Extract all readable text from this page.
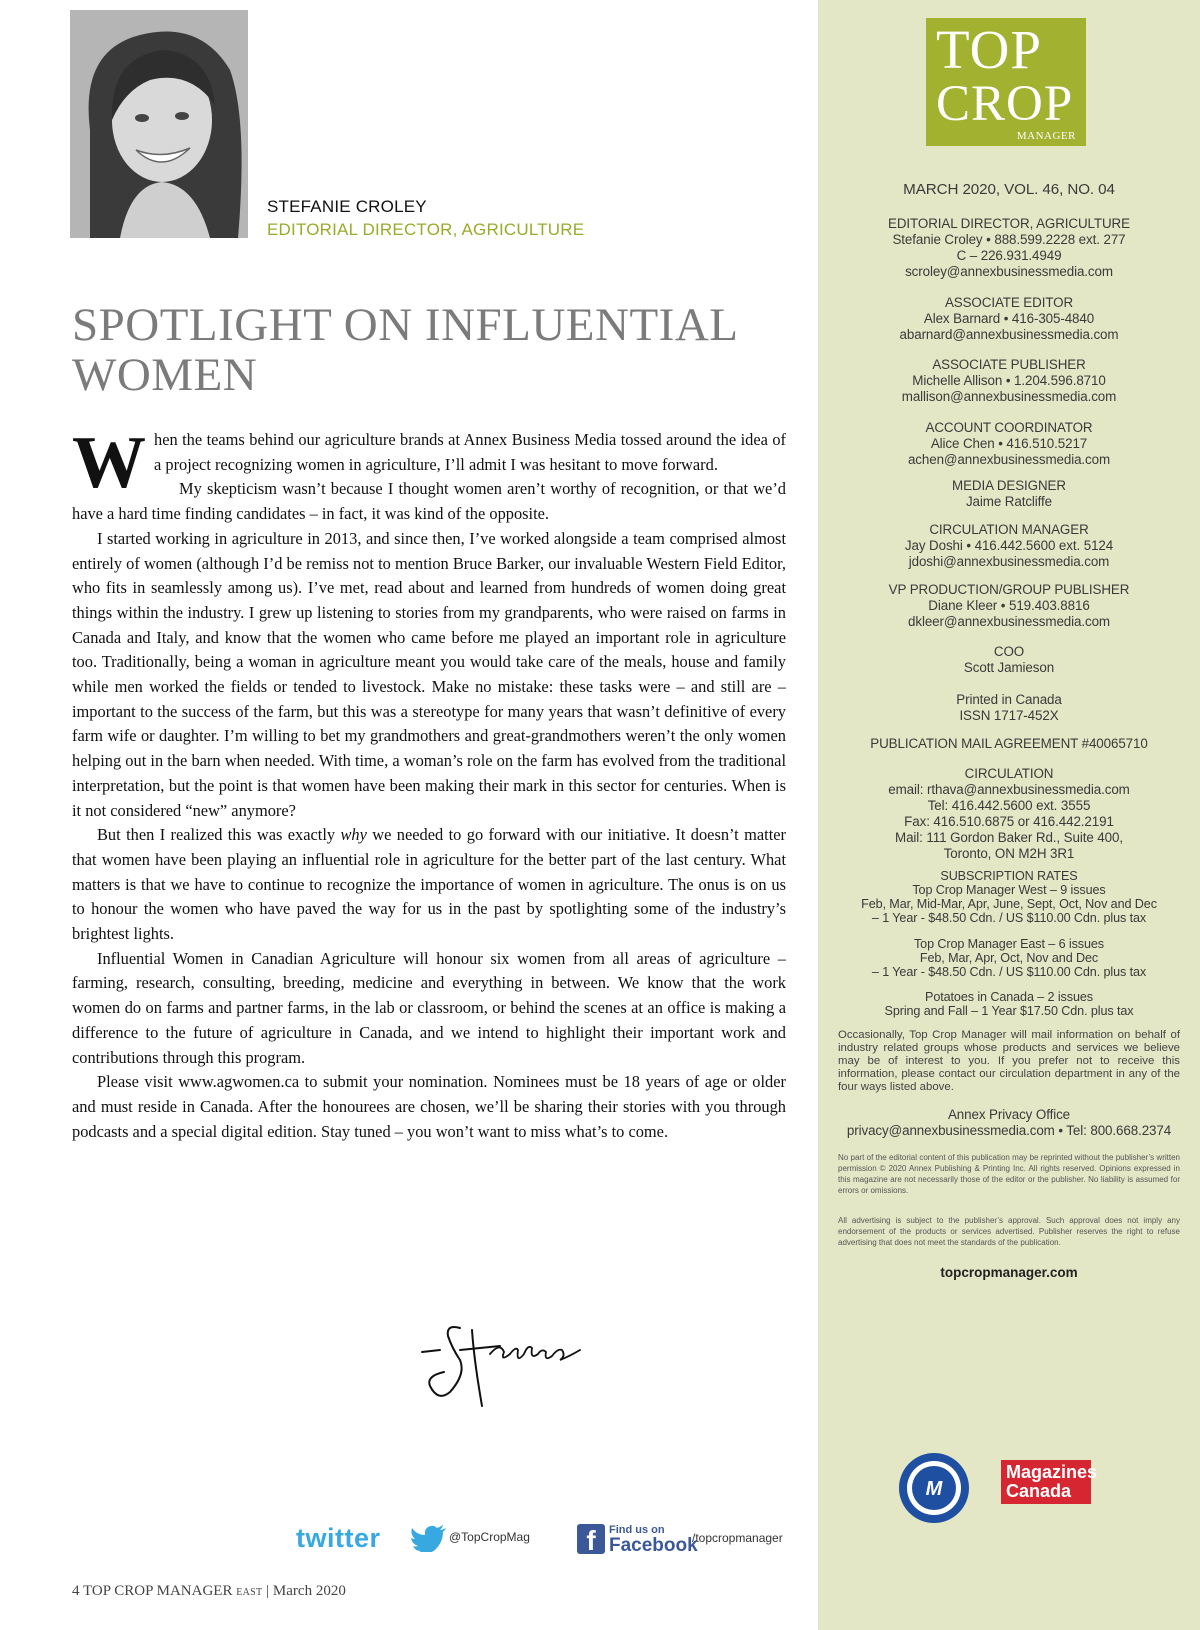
STEFANIE CROLEY
EDITORIAL DIRECTOR, AGRICULTURE
SPOTLIGHT ON INFLUENTIAL WOMEN

When the teams behind our agriculture brands at Annex Business Media tossed around the idea of a project recognizing women in agriculture, I’ll admit I was hesitant to move forward.

My skepticism wasn’t because I thought women aren’t worthy of recognition, or that we’d have a hard time finding candidates – in fact, it was kind of the opposite.

I started working in agriculture in 2013, and since then, I’ve worked alongside a team comprised almost entirely of women (although I’d be remiss not to mention Bruce Barker, our invaluable Western Field Editor, who fits in seamlessly among us). I’ve met, read about and learned from hundreds of women doing great things within the industry. I grew up listening to stories from my grandparents, who were raised on farms in Canada and Italy, and know that the women who came before me played an important role in agriculture too. Traditionally, being a woman in agriculture meant you would take care of the meals, house and family while men worked the fields or tended to livestock. Make no mistake: these tasks were – and still are – important to the success of the farm, but this was a stereotype for many years that wasn’t definitive of every farm wife or daughter. I’m willing to bet my grandmothers and great-grandmothers weren’t the only women helping out in the barn when needed. With time, a woman’s role on the farm has evolved from the traditional interpretation, but the point is that women have been making their mark in this sector for centuries. When is it not considered “new” anymore?

But then I realized this was exactly why we needed to go forward with our initiative. It doesn’t matter that women have been playing an influential role in agriculture for the better part of the last century. What matters is that we have to continue to recognize the importance of women in agriculture. The onus is on us to honour the women who have paved the way for us in the past by spotlighting some of the industry’s brightest lights.

Influential Women in Canadian Agriculture will honour six women from all areas of agriculture – farming, research, consulting, breeding, medicine and everything in between. We know that the work women do on farms and partner farms, in the lab or classroom, or behind the scenes at an office is making a difference to the future of agriculture in Canada, and we intend to highlight their important work and contributions through this program.

Please visit www.agwomen.ca to submit your nomination. Nominees must be 18 years of age or older and must reside in Canada. After the honourees are chosen, we’ll be sharing their stories with you through podcasts and a special digital edition. Stay tuned – you won’t want to miss what’s to come.

twitter	@TopCropMag	f	Find us on
Facebook
/topcropmanager
4 TOP CROP MANAGER EAST | March 2020
TOP
CROP
MANAGER
MARCH 2020, VOL. 46, NO. 04
EDITORIAL DIRECTOR, AGRICULTURE
Stefanie Croley • 888.599.2228 ext. 277
C – 226.931.4949
scroley@annexbusinessmedia.com
ASSOCIATE EDITOR
Alex Barnard • 416-305-4840
abarnard@annexbusinessmedia.com
ASSOCIATE PUBLISHER
Michelle Allison • 1.204.596.8710
mallison@annexbusinessmedia.com
ACCOUNT COORDINATOR
Alice Chen • 416.510.5217
achen@annexbusinessmedia.com
MEDIA DESIGNER
Jaime Ratcliffe
CIRCULATION MANAGER
Jay Doshi • 416.442.5600 ext. 5124
jdoshi@annexbusinessmedia.com
VP PRODUCTION/GROUP PUBLISHER
Diane Kleer • 519.403.8816
dkleer@annexbusinessmedia.com
COO
Scott Jamieson
Printed in Canada
ISSN 1717-452X
PUBLICATION MAIL AGREEMENT #40065710
CIRCULATION
email: rthava@annexbusinessmedia.com
Tel: 416.442.5600 ext. 3555
Fax: 416.510.6875 or 416.442.2191
Mail: 111 Gordon Baker Rd., Suite 400,
Toronto, ON M2H 3R1
SUBSCRIPTION RATES
Top Crop Manager West – 9 issues
Feb, Mar, Mid-Mar, Apr, June, Sept, Oct, Nov and Dec
– 1 Year - $48.50 Cdn. / US $110.00 Cdn. plus tax
Top Crop Manager East – 6 issues
Feb, Mar, Apr, Oct, Nov and Dec
– 1 Year - $48.50 Cdn. / US $110.00 Cdn. plus tax
Potatoes in Canada – 2 issues
Spring and Fall – 1 Year $17.50 Cdn. plus tax
Occasionally, Top Crop Manager will mail information on behalf of industry related groups whose products and services we believe may be of interest to you. If you prefer not to receive this information, please contact our circulation department in any of the four ways listed above.
Annex Privacy Office
privacy@annexbusinessmedia.com • Tel: 800.668.2374
No part of the editorial content of this publication may be reprinted without the publisher’s written permission © 2020 Annex Publishing & Printing Inc. All rights reserved. Opinions expressed in this magazine are not necessarily those of the editor or the publisher. No liability is assumed for errors or omissions.
All advertising is subject to the publisher’s approval. Such approval does not imply any endorsement of the products or services advertised. Publisher reserves the right to refuse advertising that does not meet the standards of the publication.
topcropmanager.com
M
Magazines
Canada
